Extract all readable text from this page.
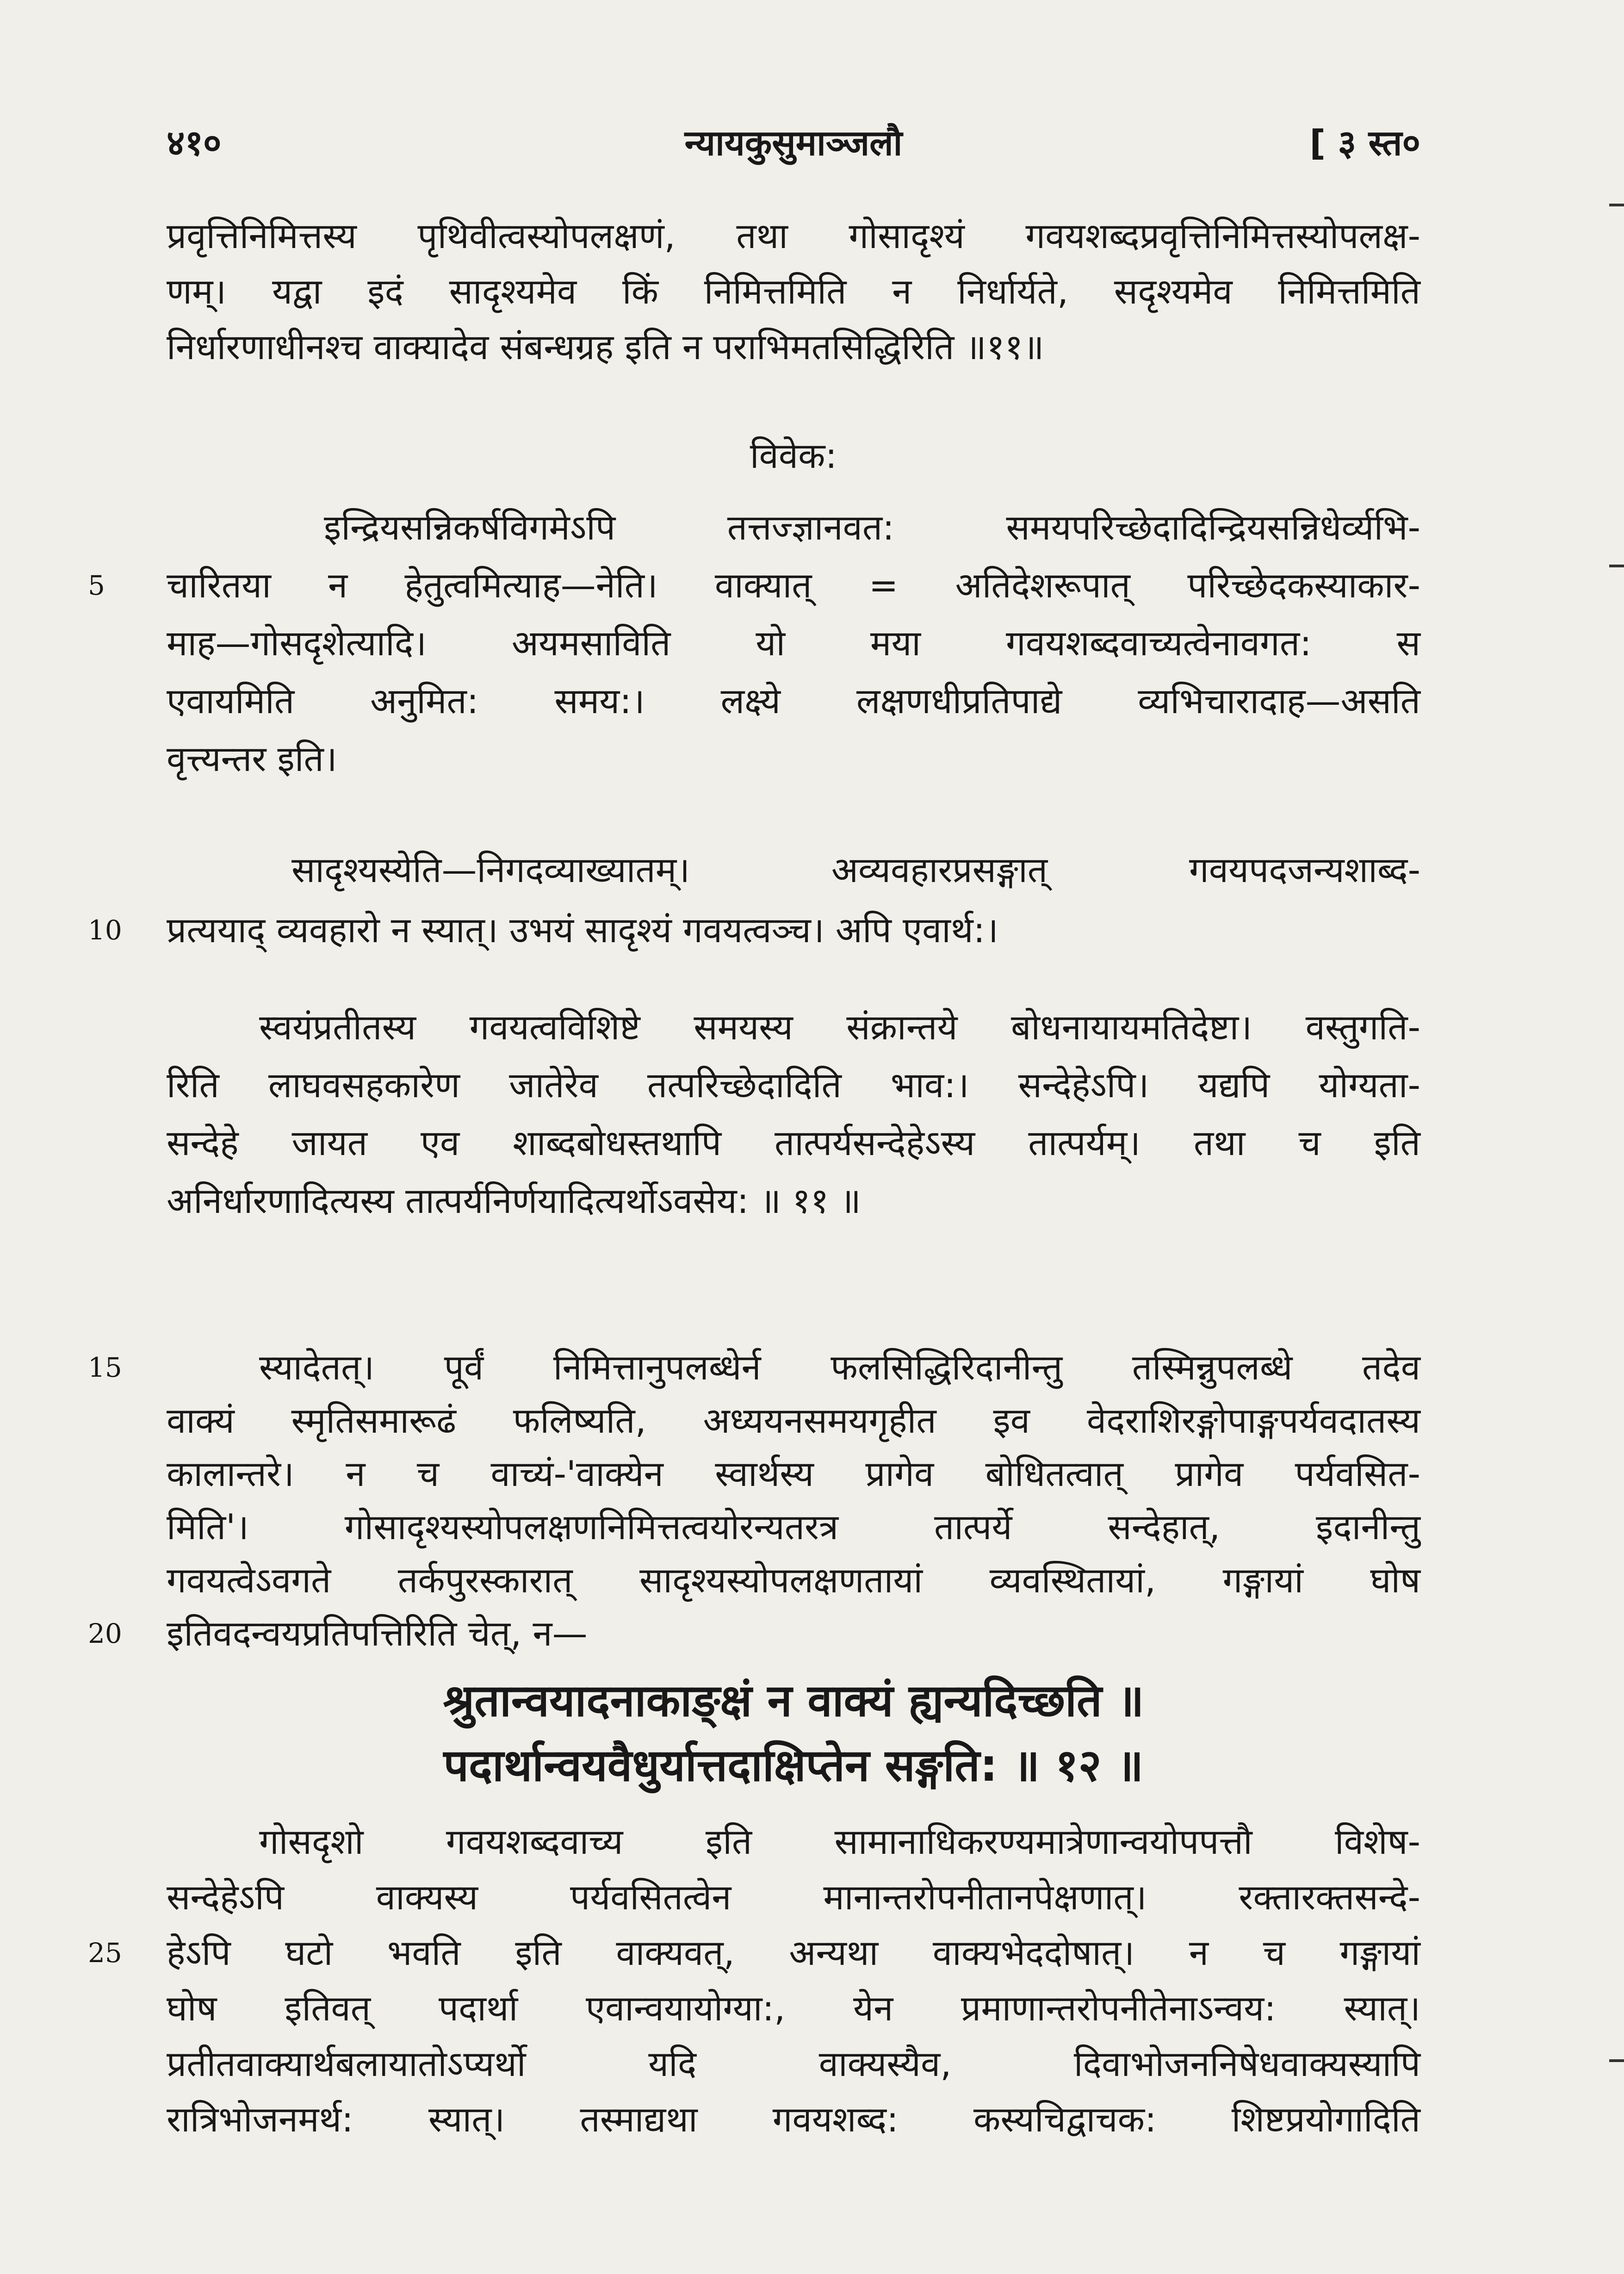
४१०	न्यायकुसुमाञ्जलौ	[ ३ स्त०
प्रवृत्तिनिमित्तस्य पृथिवीत्वस्योपलक्षणं, तथा गोसादृश्यं गवयशब्दप्रवृत्तिनिमित्तस्योपलक्ष-
णम्। यद्वा इदं सादृश्यमेव किं निमित्तमिति न निर्धार्यते, सदृश्यमेव निमित्तमिति
निर्धारणाधीनश्च वाक्यादेव संबन्धग्रह इति न पराभिमतसिद्धिरिति ॥११॥
विवेक:
इन्द्रियसन्निकर्षविगमेऽपि तत्तज्ज्ञानवत: समयपरिच्छेदादिन्द्रियसन्निधेर्व्यभि-
5	चारितया न हेतुत्वमित्याह—नेति। वाक्यात् = अतिदेशरूपात् परिच्छेदकस्याकार-
माह—गोसदृशेत्यादि। अयमसाविति यो मया गवयशब्दवाच्यत्वेनावगत: स
एवायमिति अनुमित: समय:। लक्ष्ये लक्षणधीप्रतिपाद्ये व्यभिचारादाह—असति
वृत्त्यन्तर इति।
सादृश्यस्येति—निगदव्याख्यातम्। अव्यवहारप्रसङ्गात् गवयपदजन्यशाब्द-
10	प्रत्ययाद् व्यवहारो न स्यात्। उभयं सादृश्यं गवयत्वञ्च। अपि एवार्थ:।
स्वयंप्रतीतस्य गवयत्वविशिष्टे समयस्य संक्रान्तये बोधनायायमतिदेष्टा। वस्तुगति-
रिति लाघवसहकारेण जातेरेव तत्परिच्छेदादिति भाव:। सन्देहेऽपि। यद्यपि योग्यता-
सन्देहे जायत एव शाब्दबोधस्तथापि तात्पर्यसन्देहेऽस्य तात्पर्यम्। तथा च इति
अनिर्धारणादित्यस्य तात्पर्यनिर्णयादित्यर्थोऽवसेय: ॥ ११ ॥
15	स्यादेतत्। पूर्वं निमित्तानुपलब्धेर्न फलसिद्धिरिदानीन्तु तस्मिन्नुपलब्धे तदेव
वाक्यं स्मृतिसमारूढं फलिष्यति, अध्ययनसमयगृहीत इव वेदराशिरङ्गोपाङ्गपर्यवदातस्य
कालान्तरे। न च वाच्यं-'वाक्येन स्वार्थस्य प्रागेव बोधितत्वात् प्रागेव पर्यवसित-
मिति'। गोसादृश्यस्योपलक्षणनिमित्तत्वयोरन्यतरत्र तात्पर्ये सन्देहात्, इदानीन्तु
गवयत्वेऽवगते तर्कपुरस्कारात् सादृश्यस्योपलक्षणतायां व्यवस्थितायां, गङ्गायां घोष
20	इतिवदन्वयप्रतिपत्तिरिति चेत्, न—
श्रुतान्वयादनाकाङ्क्षं न वाक्यं ह्यन्यदिच्छति ॥
पदार्थान्वयवैधुर्यात्तदाक्षिप्तेन सङ्गति: ॥ १२ ॥
गोसदृशो गवयशब्दवाच्य इति सामानाधिकरण्यमात्रेणान्वयोपपत्तौ विशेष-
सन्देहेऽपि वाक्यस्य पर्यवसितत्वेन मानान्तरोपनीतानपेक्षणात्। रक्तारक्तसन्दे-
25	हेऽपि घटो भवति इति वाक्यवत्, अन्यथा वाक्यभेददोषात्। न च गङ्गायां
घोष इतिवत् पदार्था एवान्वयायोग्या:, येन प्रमाणान्तरोपनीतेनाऽन्वय: स्यात्।
प्रतीतवाक्यार्थबलायातोऽप्यर्थो यदि वाक्यस्यैव, दिवाभोजननिषेधवाक्यस्यापि
रात्रिभोजनमर्थ: स्यात्। तस्माद्यथा गवयशब्द: कस्यचिद्वाचक: शिष्टप्रयोगादिति
